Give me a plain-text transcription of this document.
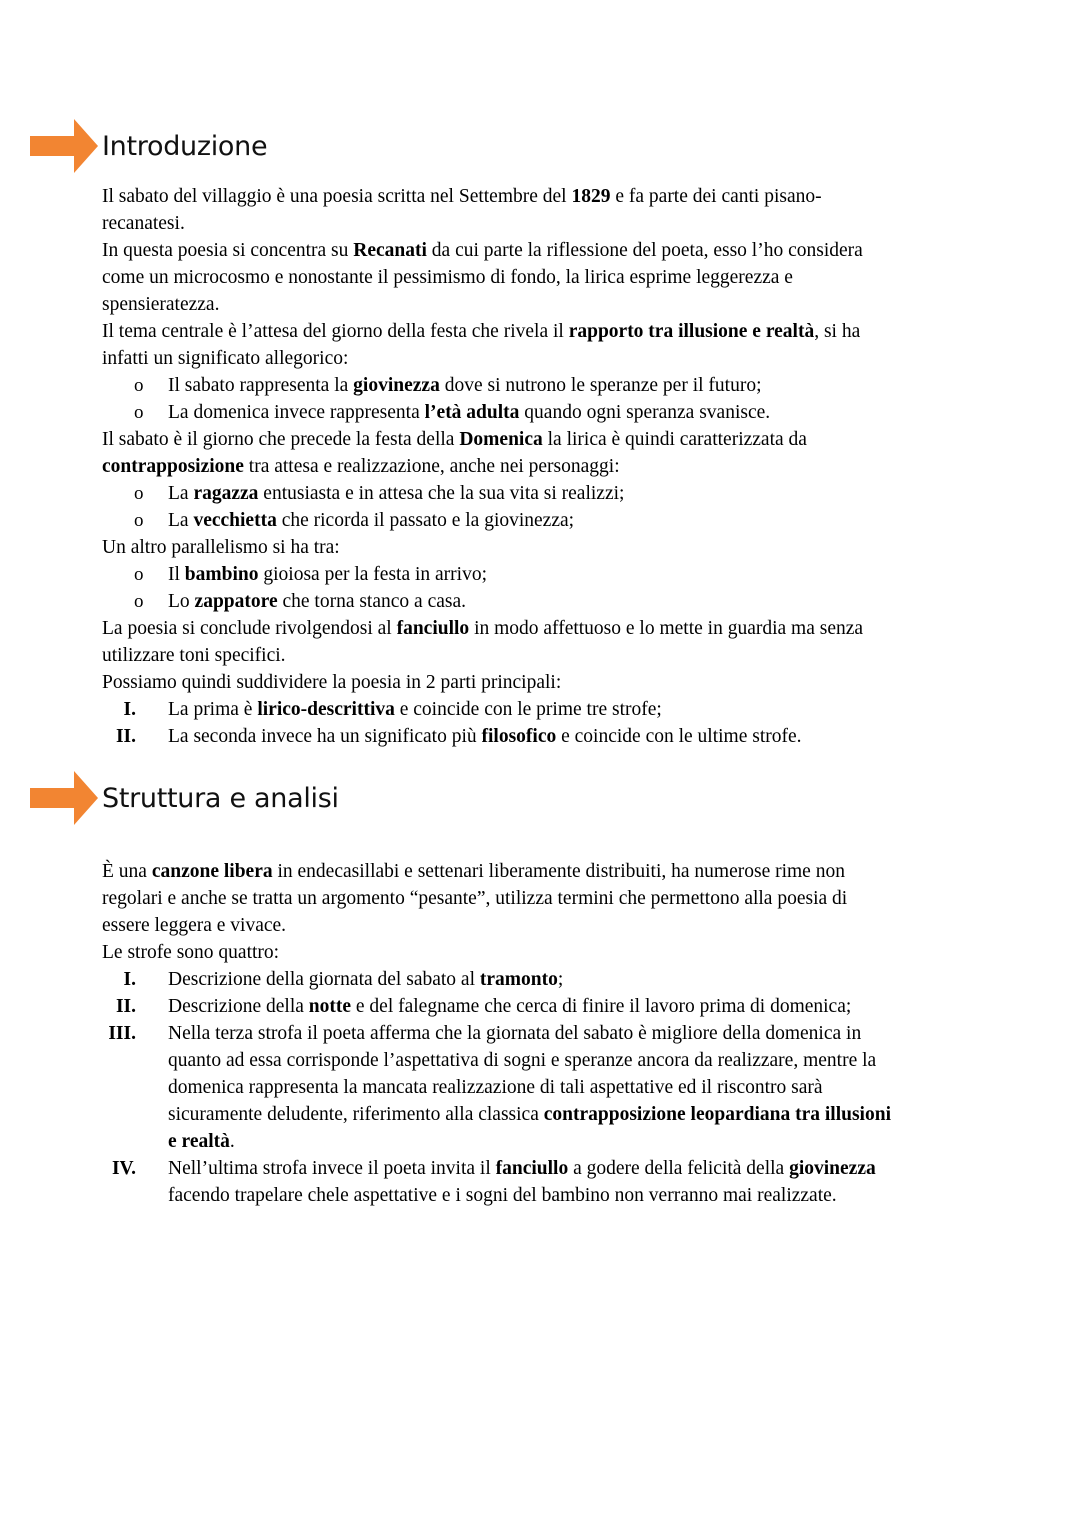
Introduzione

Il sabato del villaggio è una poesia scritta nel Settembre del 1829 e fa parte dei canti pisano-

recanatesi.

In questa poesia si concentra su Recanati da cui parte la riflessione del poeta, esso l’ho considera

come un microcosmo e nonostante il pessimismo di fondo, la lirica esprime leggerezza e

spensieratezza.

Il tema centrale è l’attesa del giorno della festa che rivela il rapporto tra illusione e realtà, si ha

infatti un significato allegorico:

o Il sabato rappresenta la giovinezza dove si nutrono le speranze per il futuro;

o La domenica invece rappresenta l’età adulta quando ogni speranza svanisce.

Il sabato è il giorno che precede la festa della Domenica la lirica è quindi caratterizzata da

contrapposizione tra attesa e realizzazione, anche nei personaggi:

o La ragazza entusiasta e in attesa che la sua vita si realizzi;

o La vecchietta che ricorda il passato e la giovinezza;

Un altro parallelismo si ha tra:

o Il bambino gioiosa per la festa in arrivo;

o Lo zappatore che torna stanco a casa.

La poesia si conclude rivolgendosi al fanciullo in modo affettuoso e lo mette in guardia ma senza

utilizzare toni specifici.

Possiamo quindi suddividere la poesia in 2 parti principali:

I. La prima è lirico-descrittiva e coincide con le prime tre strofe;

II. La seconda invece ha un significato più filosofico e coincide con le ultime strofe.

Struttura e analisi

È una canzone libera in endecasillabi e settenari liberamente distribuiti, ha numerose rime non

regolari e anche se tratta un argomento “pesante”, utilizza termini che permettono alla poesia di

essere leggera e vivace.

Le strofe sono quattro:

I. Descrizione della giornata del sabato al tramonto;

II. Descrizione della notte e del falegname che cerca di finire il lavoro prima di domenica;

III. Nella terza strofa il poeta afferma che la giornata del sabato è migliore della domenica in

quanto ad essa corrisponde l’aspettativa di sogni e speranze ancora da realizzare, mentre la

domenica rappresenta la mancata realizzazione di tali aspettative ed il riscontro sarà

sicuramente deludente, riferimento alla classica contrapposizione leopardiana tra illusioni

e realtà.

IV. Nell’ultima strofa invece il poeta invita il fanciullo a godere della felicità della giovinezza

facendo trapelare chele aspettative e i sogni del bambino non verranno mai realizzate.
